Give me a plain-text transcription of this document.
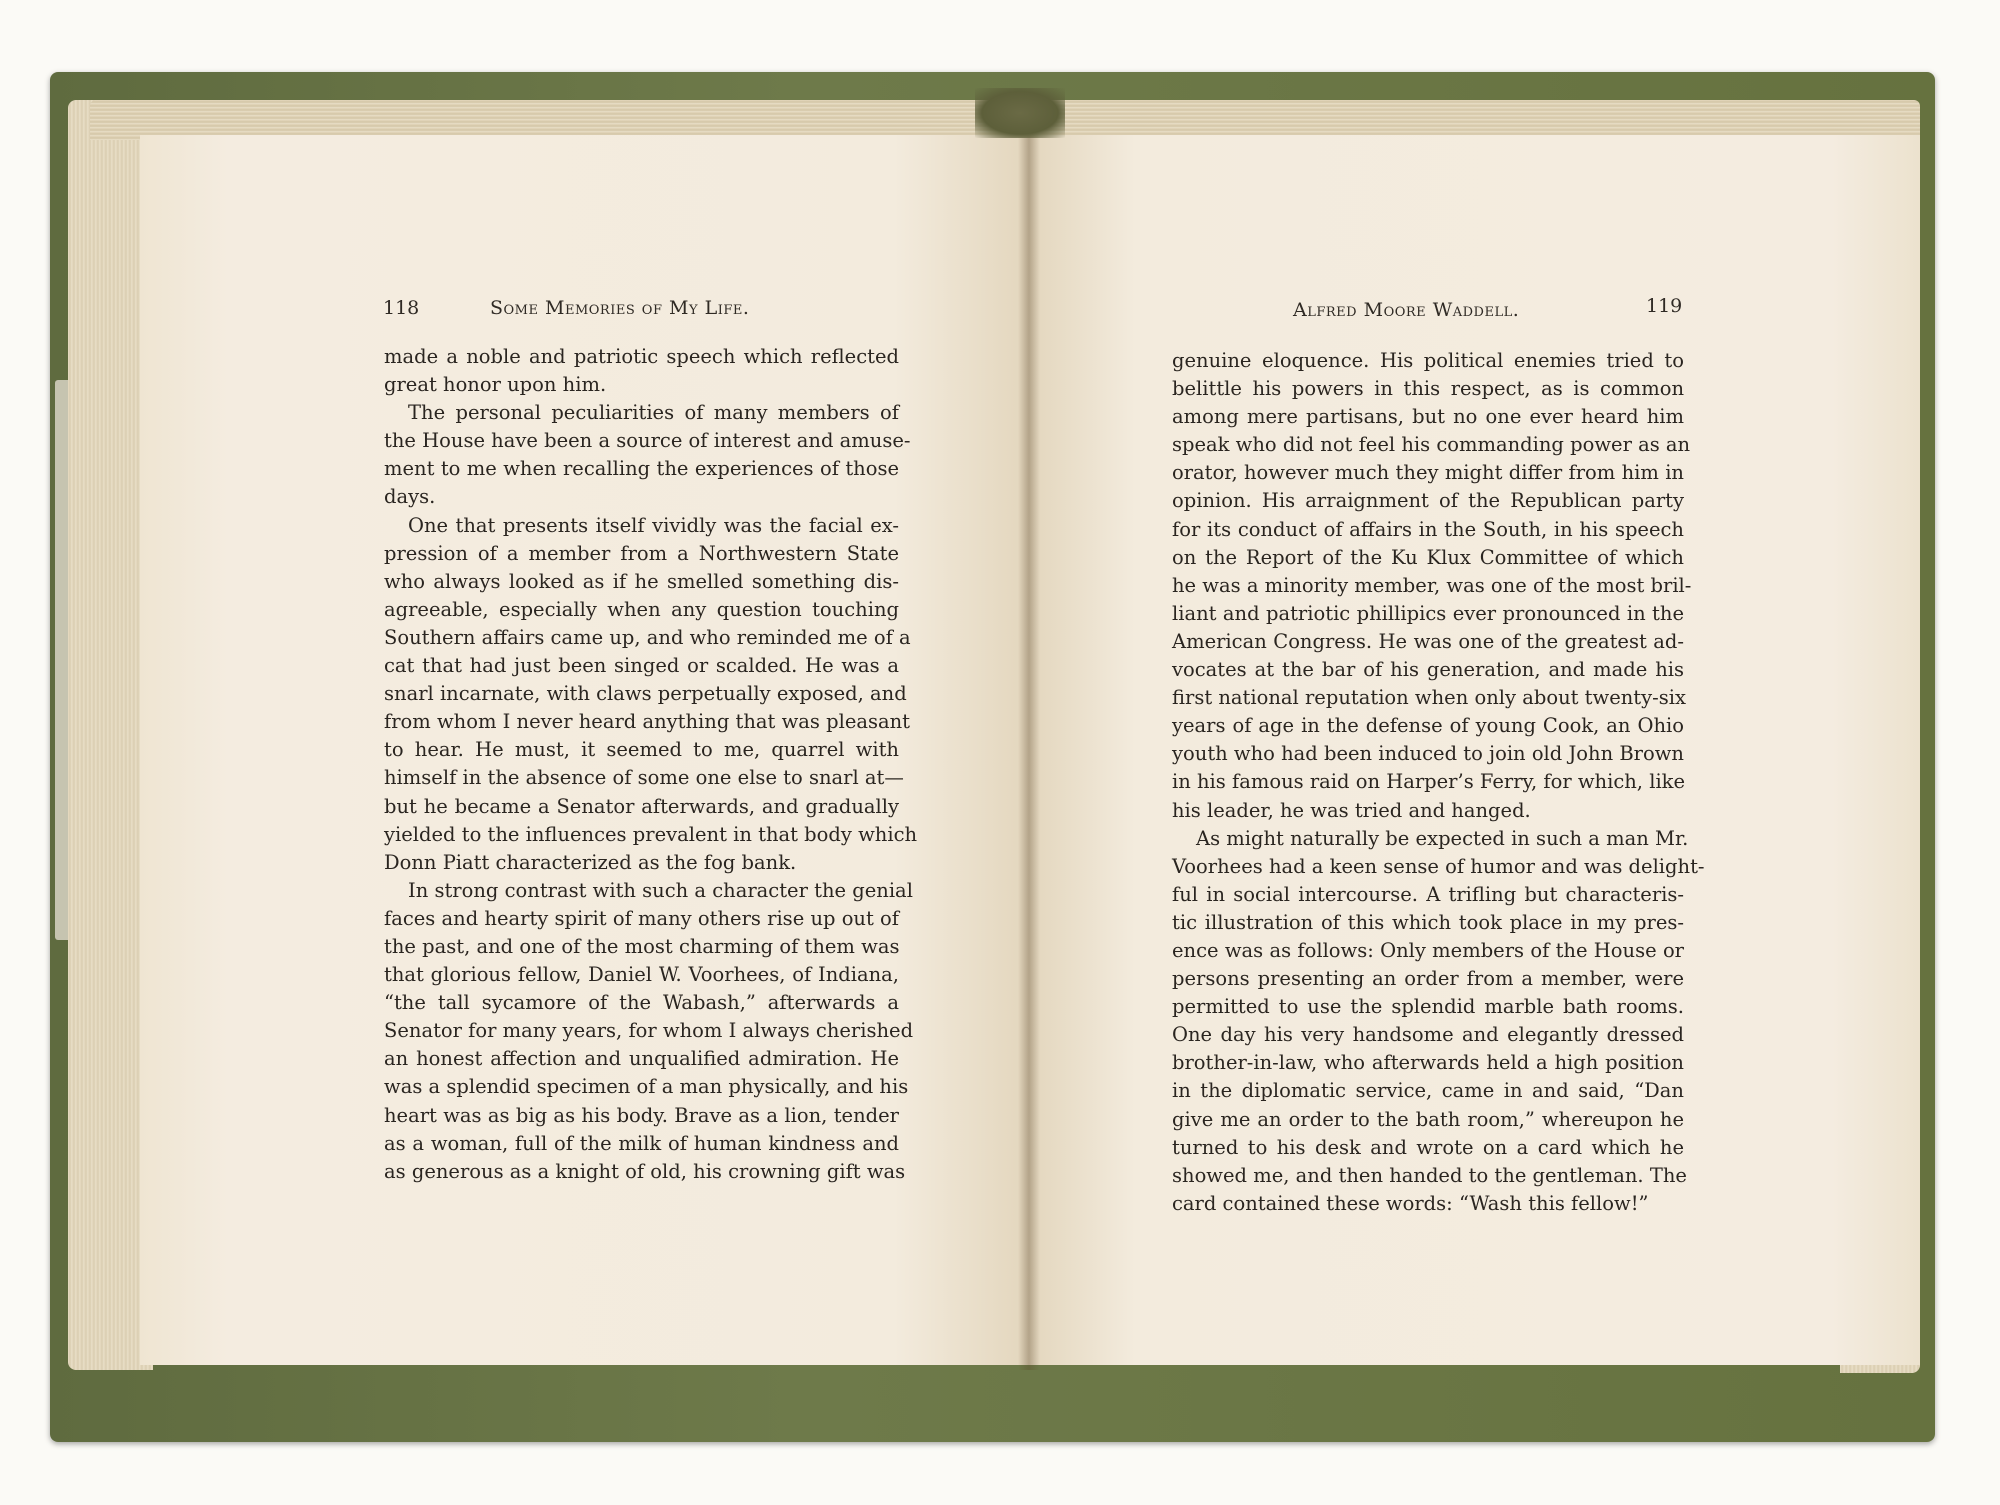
118	Some Memories of My Life.	Alfred Moore Waddell.	119
made a noble and patriotic speech which reflected
great honor upon him.
The personal peculiarities of many members of
the House have been a source of interest and amuse-
ment to me when recalling the experiences of those
days.
One that presents itself vividly was the facial ex-
pression of a member from a Northwestern State
who always looked as if he smelled something dis-
agreeable, especially when any question touching
Southern affairs came up, and who reminded me of a
cat that had just been singed or scalded. He was a
snarl incarnate, with claws perpetually exposed, and
from whom I never heard anything that was pleasant
to hear. He must, it seemed to me, quarrel with
himself in the absence of some one else to snarl at—
but he became a Senator afterwards, and gradually
yielded to the influences prevalent in that body which
Donn Piatt characterized as the fog bank.
In strong contrast with such a character the genial
faces and hearty spirit of many others rise up out of
the past, and one of the most charming of them was
that glorious fellow, Daniel W. Voorhees, of Indiana,
“the tall sycamore of the Wabash,” afterwards a
Senator for many years, for whom I always cherished
an honest affection and unqualified admiration. He
was a splendid specimen of a man physically, and his
heart was as big as his body. Brave as a lion, tender
as a woman, full of the milk of human kindness and
as generous as a knight of old, his crowning gift was
genuine eloquence. His political enemies tried to
belittle his powers in this respect, as is common
among mere partisans, but no one ever heard him
speak who did not feel his commanding power as an
orator, however much they might differ from him in
opinion. His arraignment of the Republican party
for its conduct of affairs in the South, in his speech
on the Report of the Ku Klux Committee of which
he was a minority member, was one of the most bril-
liant and patriotic phillipics ever pronounced in the
American Congress. He was one of the greatest ad-
vocates at the bar of his generation, and made his
first national reputation when only about twenty-six
years of age in the defense of young Cook, an Ohio
youth who had been induced to join old John Brown
in his famous raid on Harper’s Ferry, for which, like
his leader, he was tried and hanged.
As might naturally be expected in such a man Mr.
Voorhees had a keen sense of humor and was delight-
ful in social intercourse. A trifling but characteris-
tic illustration of this which took place in my pres-
ence was as follows: Only members of the House or
persons presenting an order from a member, were
permitted to use the splendid marble bath rooms.
One day his very handsome and elegantly dressed
brother-in-law, who afterwards held a high position
in the diplomatic service, came in and said, “Dan
give me an order to the bath room,” whereupon he
turned to his desk and wrote on a card which he
showed me, and then handed to the gentleman. The
card contained these words: “Wash this fellow!”
